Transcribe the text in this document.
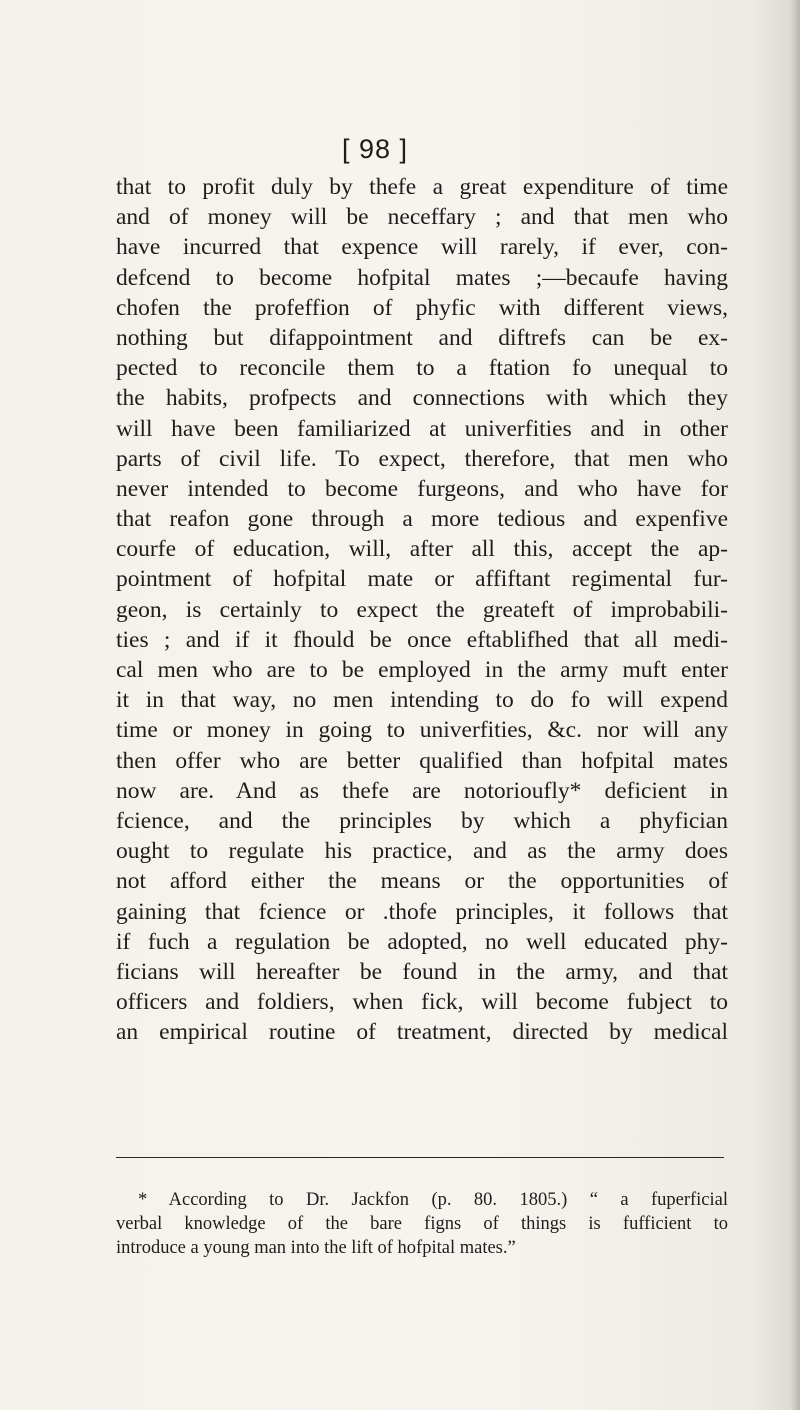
[ 98 ]
that to profit duly by thefe a great expenditure of time
and of money will be neceffary ; and that men who
have incurred that expence will rarely, if ever, con-
defcend to become hofpital mates ;—becaufe having
chofen the profeffion of phyfic with different views,
nothing but difappointment and diftrefs can be ex-
pected to reconcile them to a ftation fo unequal to
the habits, profpects and connections with which they
will have been familiarized at univerfities and in other
parts of civil life. To expect, therefore, that men who
never intended to become furgeons, and who have for
that reafon gone through a more tedious and expenfive
courfe of education, will, after all this, accept the ap-
pointment of hofpital mate or affiftant regimental fur-
geon, is certainly to expect the greateft of improbabili-
ties ; and if it fhould be once eftablifhed that all medi-
cal men who are to be employed in the army muft enter
it in that way, no men intending to do fo will expend
time or money in going to univerfities, &c. nor will any
then offer who are better qualified than hofpital mates
now are. And as thefe are notorioufly* deficient in
fcience, and the principles by which a phyfician
ought to regulate his practice, and as the army does
not afford either the means or the opportunities of
gaining that fcience or .thofe principles, it follows that
if fuch a regulation be adopted, no well educated phy-
ficians will hereafter be found in the army, and that
officers and foldiers, when fick, will become fubject to
an empirical routine of treatment, directed by medical
* According to Dr. Jackfon (p. 80. 1805.) “ a fuperficial
verbal knowledge of the bare figns of things is fufficient to
introduce a young man into the lift of hofpital mates.”
